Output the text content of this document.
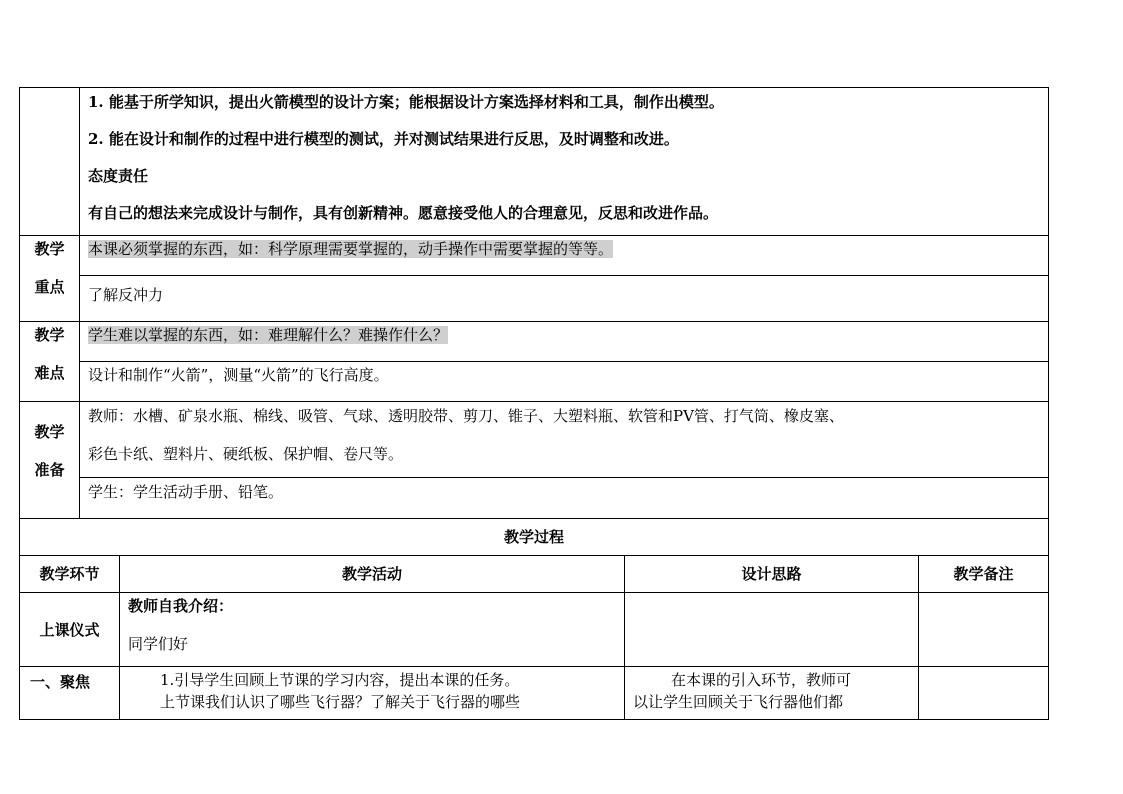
	1. 能基于所学知识，提出火箭模型的设计方案；能根据设计方案选择材料和工具，制作出模型。
2. 能在设计和制作的过程中进行模型的测试，并对测试结果进行反思，及时调整和改进。
态度责任
有自己的想法来完成设计与制作，具有创新精神。愿意接受他人的合理意见，反思和改进作品。			

教学
重点	本课必须掌握的东西，如：科学原理需要掌握的，动手操作中需要掌握的等等。			
	了解反冲力			

教学
难点	学生难以掌握的东西，如：难理解什么？难操作什么？			
	设计和制作“火箭”，测量“火箭”的飞行高度。			

教学
准备	教师：水槽、矿泉水瓶、棉线、吸管、气球、透明胶带、剪刀、锥子、大塑料瓶、软管和PV管、打气筒、橡皮塞、
彩色卡纸、塑料片、硬纸板、保护帽、卷尺等。			

	学生：学生活动手册、铅笔。			
教学过程				
教学环节		教学活动	设计思路	教学备注
上课仪式		教师自我介绍：
同学们好		

一、聚焦		1.引导学生回顾上节课的学习内容，提出本课的任务。
上节课我们认识了哪些飞行器？了解关于飞行器的哪些	在本课的引入环节，教师可
以让学生回顾关于飞行器他们都	
